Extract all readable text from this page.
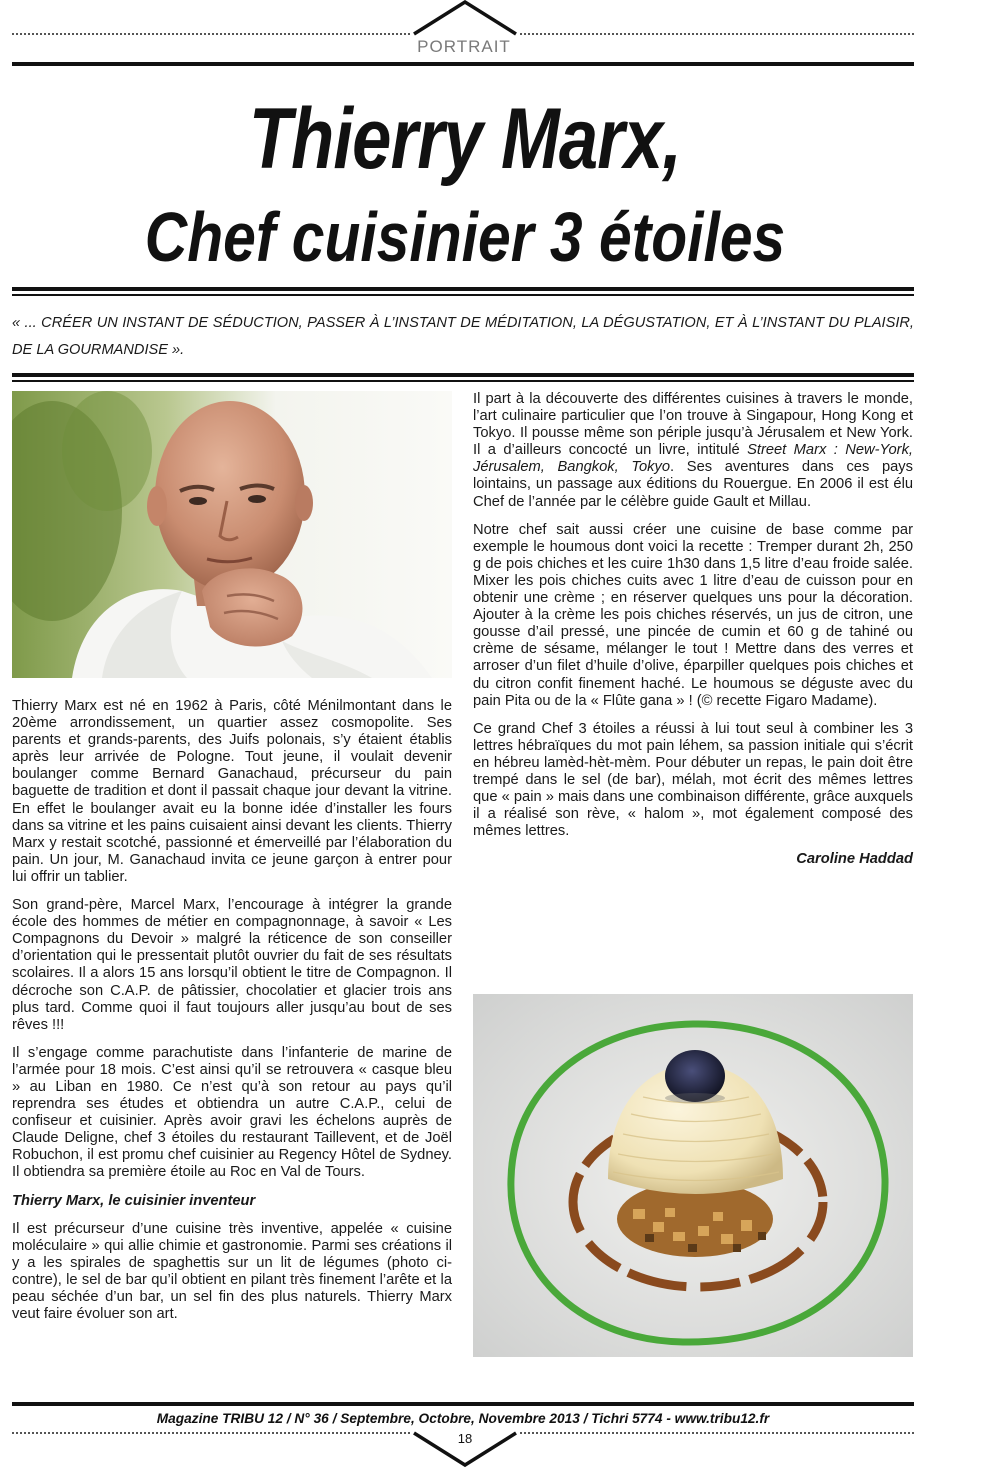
PORTRAIT
Thierry Marx,
Chef cuisinier 3 étoiles
« ... CRÉER UN INSTANT DE SÉDUCTION, PASSER À L’INSTANT DE MÉDITATION, LA DÉGUSTATION, ET À L’INSTANT DU PLAISIR, DE LA GOURMANDISE ».

Thierry Marx est né en 1962 à Paris, côté Ménilmontant dans le 20ème arrondissement, un quartier assez cosmopolite. Ses parents et grands-parents, des Juifs polonais, s’y étaient établis après leur arrivée de Pologne. Tout jeune, il voulait devenir boulanger comme Bernard Ganachaud, précurseur du pain baguette de tradition et dont il passait chaque jour devant la vitrine. En effet le boulanger avait eu la bonne idée d’installer les fours dans sa vitrine et les pains cuisaient ainsi devant les clients. Thierry Marx y restait scotché, passionné et émerveillé par l’élaboration du pain. Un jour, M. Ganachaud invita ce jeune garçon à entrer pour lui offrir un tablier.

Son grand-père, Marcel Marx, l’encourage à intégrer la grande école des hommes de métier en compagnonnage, à savoir « Les Compagnons du Devoir » malgré la réticence de son conseiller d’orientation qui le pressentait plutôt ouvrier du fait de ses résultats scolaires. Il a alors 15 ans lorsqu’il obtient le titre de Compagnon. Il décroche son C.A.P. de pâtissier, chocolatier et glacier trois ans plus tard. Comme quoi il faut toujours aller jusqu’au bout de ses rêves !!!

Il s’engage comme parachutiste dans l’infanterie de marine de l’armée pour 18 mois. C’est ainsi qu’il se retrouvera « casque bleu » au Liban en 1980. Ce n’est qu’à son retour au pays qu’il reprendra ses études et obtiendra un autre C.A.P., celui de confiseur et cuisinier. Après avoir gravi les échelons auprès de Claude Deligne, chef 3 étoiles du restaurant Taillevent, et de Joël Robuchon, il est promu chef cuisinier au Regency Hôtel de Sydney. Il obtiendra sa première étoile au Roc en Val de Tours.

Thierry Marx, le cuisinier inventeur

Il est précurseur d’une cuisine très inventive, appelée « cuisine moléculaire » qui allie chimie et gastronomie. Parmi ses créations il y a les spirales de spaghettis sur un lit de légumes (photo ci-contre), le sel de bar qu’il obtient en pilant très finement l’arête et la peau séchée d’un bar, un sel fin des plus naturels. Thierry Marx veut faire évoluer son art.

Il part à la découverte des différentes cuisines à travers le monde, l’art culinaire particulier que l’on trouve à Singapour, Hong Kong et Tokyo. Il pousse même son périple jusqu’à Jérusalem et New York. Il a d’ailleurs concocté un livre, intitulé Street Marx : New-York, Jérusalem, Bangkok, Tokyo. Ses aventures dans ces pays lointains, un passage aux éditions du Rouergue. En 2006 il est élu Chef de l’année par le célèbre guide Gault et Millau.

Notre chef sait aussi créer une cuisine de base comme par exemple le houmous dont voici la recette : Tremper durant 2h, 250 g de pois chiches et les cuire 1h30 dans 1,5 litre d’eau froide salée. Mixer les pois chiches cuits avec 1 litre d’eau de cuisson pour en obtenir une crème ; en réserver quelques uns pour la décoration. Ajouter à la crème les pois chiches réservés, un jus de citron, une gousse d’ail pressé, une pincée de cumin et 60 g de tahiné ou crème de sésame, mélanger le tout ! Mettre dans des verres et arroser d’un filet d’huile d’olive, éparpiller quelques pois chiches et du citron confit finement haché. Le houmous se déguste avec du pain Pita ou de la « Flûte gana » ! (© recette Figaro Madame).

Ce grand Chef 3 étoiles a réussi à lui tout seul à combiner les 3 lettres hébraïques du mot pain léhem, sa passion initiale qui s’écrit en hébreu lamèd-hèt-mèm. Pour débuter un repas, le pain doit être trempé dans le sel (de bar), mélah, mot écrit des mêmes lettres que « pain » mais dans une combinaison différente, grâce auxquels il a réalisé son rève, « halom », mot également composé des mêmes lettres.

Caroline Haddad

Magazine TRIBU 12 / N° 36 / Septembre, Octobre, Novembre 2013 / Tichri 5774 - www.tribu12.fr
18
